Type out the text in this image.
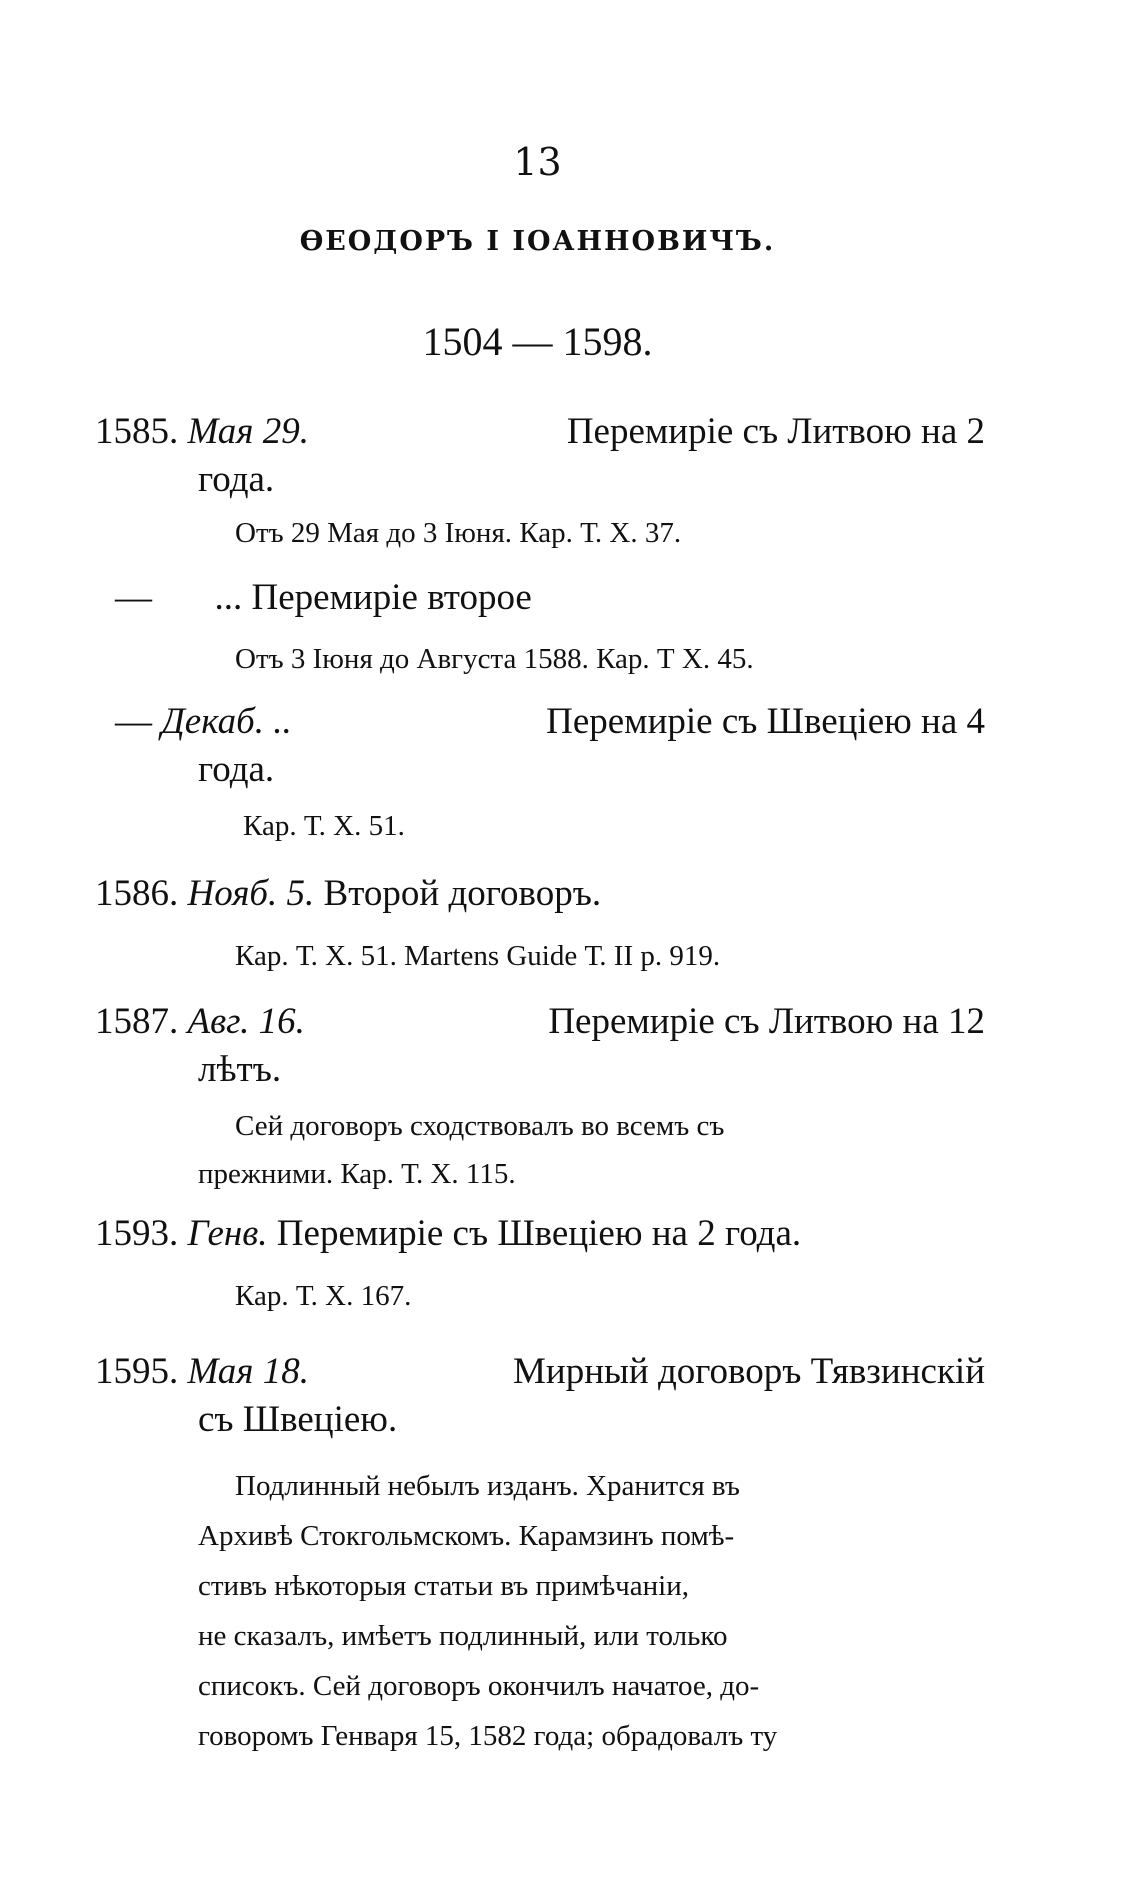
13
ѲЕОДОРЪ I IОАННОВИЧЪ.
1504 — 1598.
1585. Мая 29.	Перемиріе съ Литвою на 2
года.
Отъ 29 Мая до 3 Іюня. Кар. Т. Х. 37.
— ... Перемиріе второе
Отъ 3 Іюня до Августа 1588. Кар. Т Х. 45.
— Декаб. ..	Перемиріе съ Швеціею на 4
года.
Кар. Т. Х. 51.
1586. Нояб. 5. Второй договоръ.
Кар. Т. Х. 51. Martens Guide Т. II р. 919.
1587. Авг. 16.	Перемиріе съ Литвою на 12
лѣтъ.
Сей договоръ сходствовалъ во всемъ съ
прежними. Кар. Т. Х. 115.
1593. Генв. Перемиріе съ Швеціею на 2 года.
Кар. Т. Х. 167.
1595. Мая 18.	Мирный договоръ Тявзинскій
съ Швеціею.
Подлинный небылъ изданъ. Хранится въ
Архивѣ Стокгольмскомъ. Карамзинъ помѣ-
стивъ нѣкоторыя статьи въ примѣчаніи,
не сказалъ, имѣетъ подлинный, или только
списокъ. Сей договоръ окончилъ начатое, до-
говоромъ Генваря 15, 1582 года; обрадовалъ ту
